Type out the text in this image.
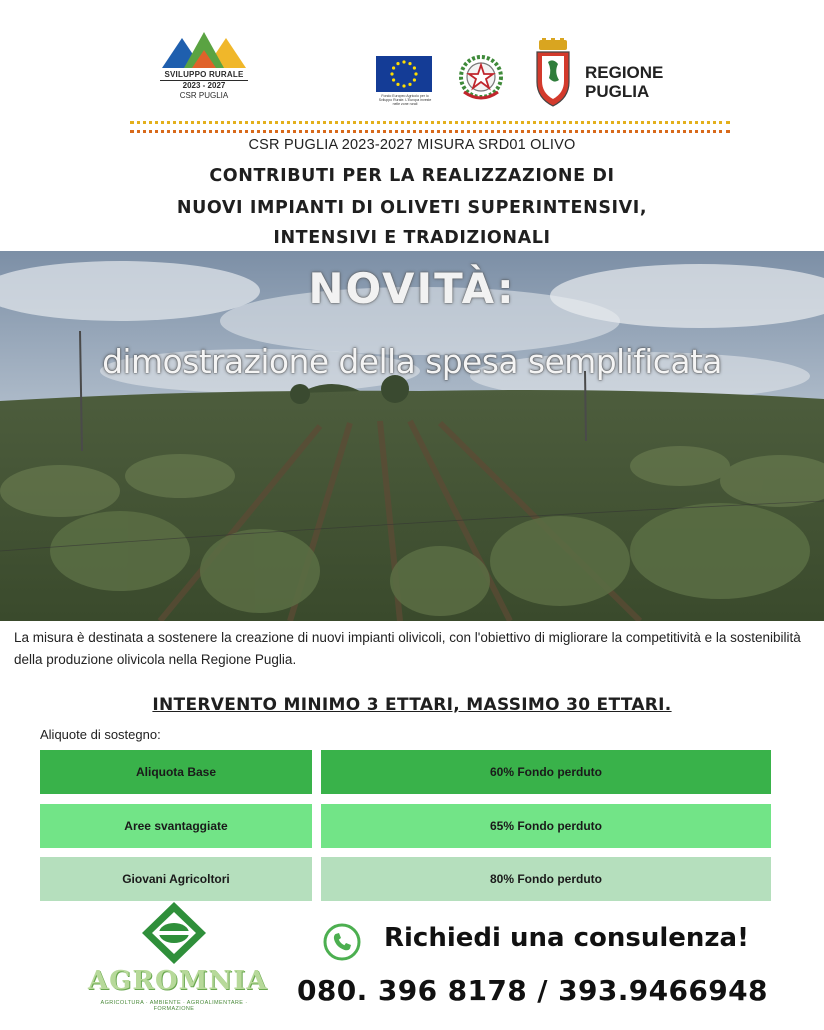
SVILUPPO RURALE
2023 - 2027
CSR PUGLIA	Fondo Europeo Agricolo per lo Sviluppo Rurale. L'Europa investe nelle zone rurali
REGIONE
PUGLIA
CSR PUGLIA 2023-2027 MISURA SRD01 OLIVO
CONTRIBUTI PER LA REALIZZAZIONE DI
NUOVI IMPIANTI DI OLIVETI SUPERINTENSIVI,
INTENSIVI E TRADIZIONALI
NOVITÀ:
dimostrazione della spesa semplificata
La misura è destinata a sostenere la creazione di nuovi impianti olivicoli, con l'obiettivo di migliorare la competitività e la sostenibilità della produzione olivicola nella Regione Puglia.
INTERVENTO MINIMO 3 ETTARI, MASSIMO 30 ETTARI.
Aliquote di sostegno:
Aliquota Base	60% Fondo perduto
Aree svantaggiate	65% Fondo perduto
Giovani Agricoltori	80% Fondo perduto
AGROMNIA
AGRICOLTURA · AMBIENTE · AGROALIMENTARE · FORMAZIONE
Richiedi una consulenza!
080. 396 8178 / 393.9466948
